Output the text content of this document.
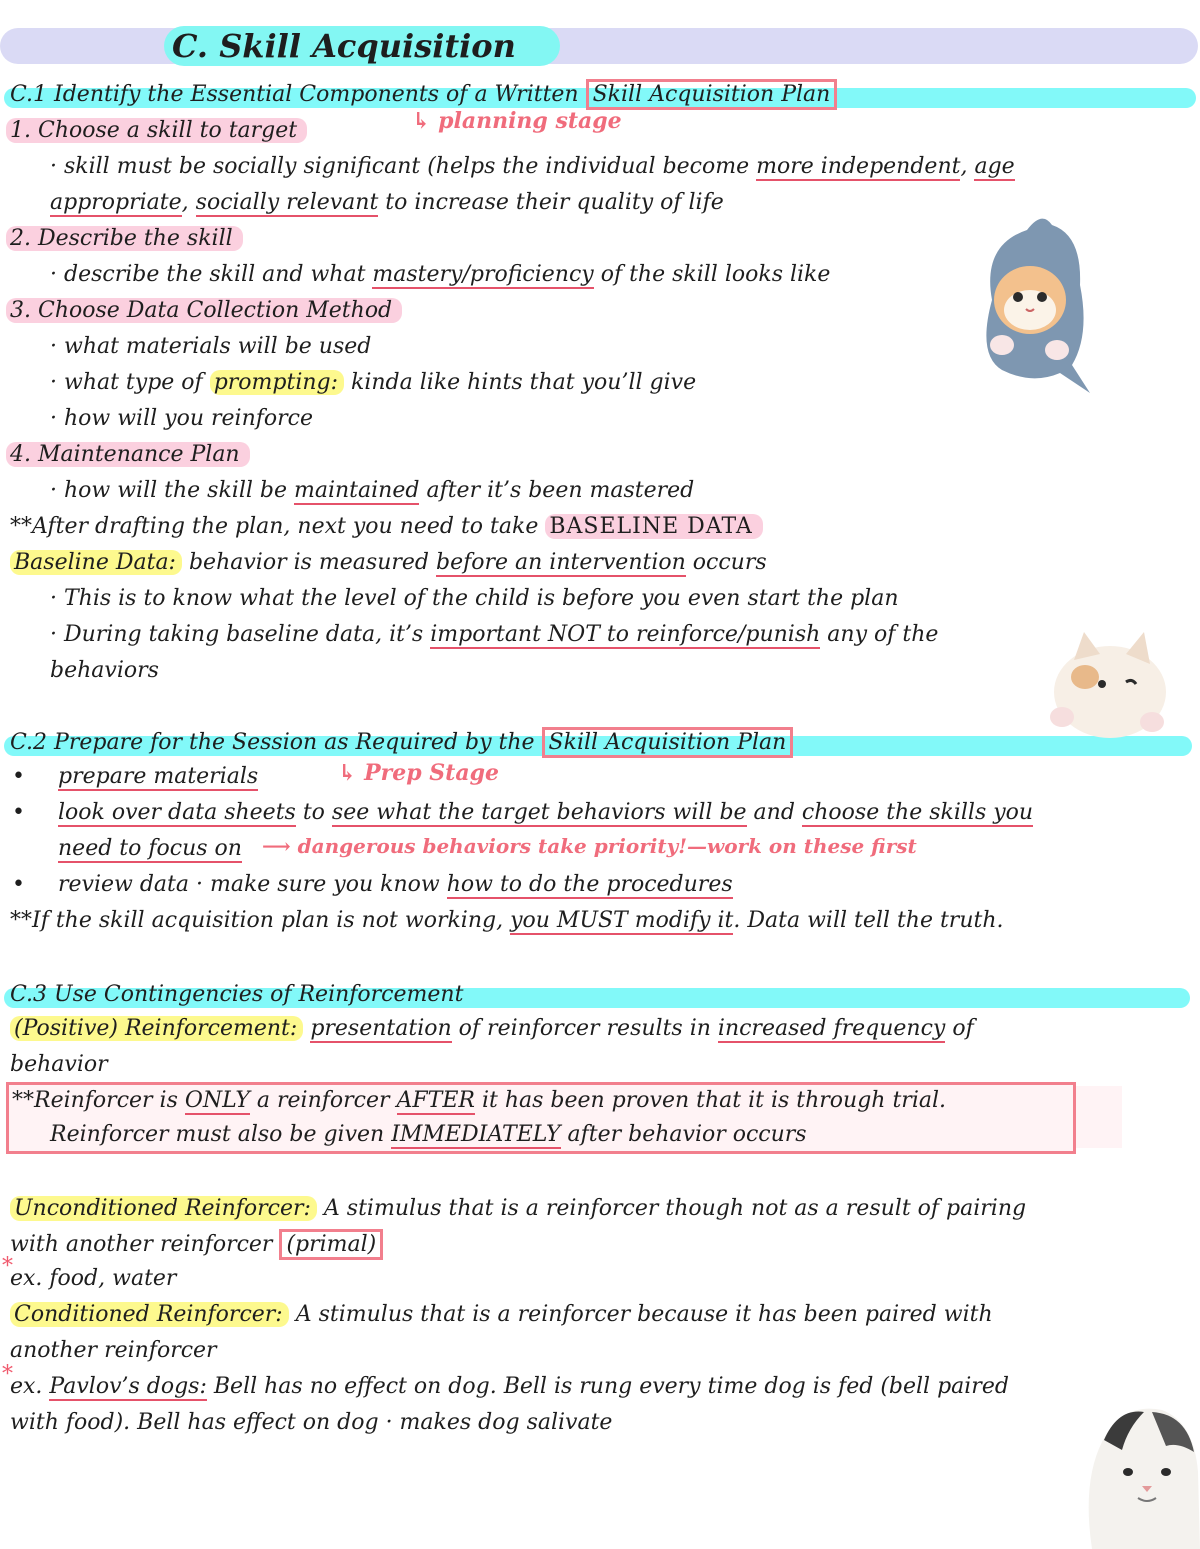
C. Skill Acquisition
C.1 Identify the Essential Components of a Written Skill Acquisition Plan
1. Choose a skill to target	↳ planning stage
· skill must be socially significant (helps the individual become more independent, age
appropriate, socially relevant to increase their quality of life
2. Describe the skill
· describe the skill and what mastery/proficiency of the skill looks like
3. Choose Data Collection Method
· what materials will be used
· what type of prompting: kinda like hints that you’ll give
· how will you reinforce
4. Maintenance Plan
· how will the skill be maintained after it’s been mastered
**After drafting the plan, next you need to take BASELINE DATA
Baseline Data: behavior is measured before an intervention occurs
· This is to know what the level of the child is before you even start the plan
· During taking baseline data, it’s important NOT to reinforce/punish any of the
behaviors
C.2 Prepare for the Session as Required by the Skill Acquisition Plan
• prepare materials	↳ Prep Stage
• look over data sheets to see what the target behaviors will be and choose the skills you
need to focus on ⟶ dangerous behaviors take priority!—work on these first
• review data · make sure you know how to do the procedures
**If the skill acquisition plan is not working, you MUST modify it. Data will tell the truth.
C.3 Use Contingencies of Reinforcement
(Positive) Reinforcement: presentation of reinforcer results in increased frequency of
behavior
**Reinforcer is ONLY a reinforcer AFTER it has been proven that it is through trial.
Reinforcer must also be given IMMEDIATELY after behavior occurs
Unconditioned Reinforcer: A stimulus that is a reinforcer though not as a result of pairing
with another reinforcer (primal)
*
ex. food, water
Conditioned Reinforcer: A stimulus that is a reinforcer because it has been paired with
another reinforcer
*
ex. Pavlov’s dogs: Bell has no effect on dog. Bell is rung every time dog is fed (bell paired
with food). Bell has effect on dog · makes dog salivate
